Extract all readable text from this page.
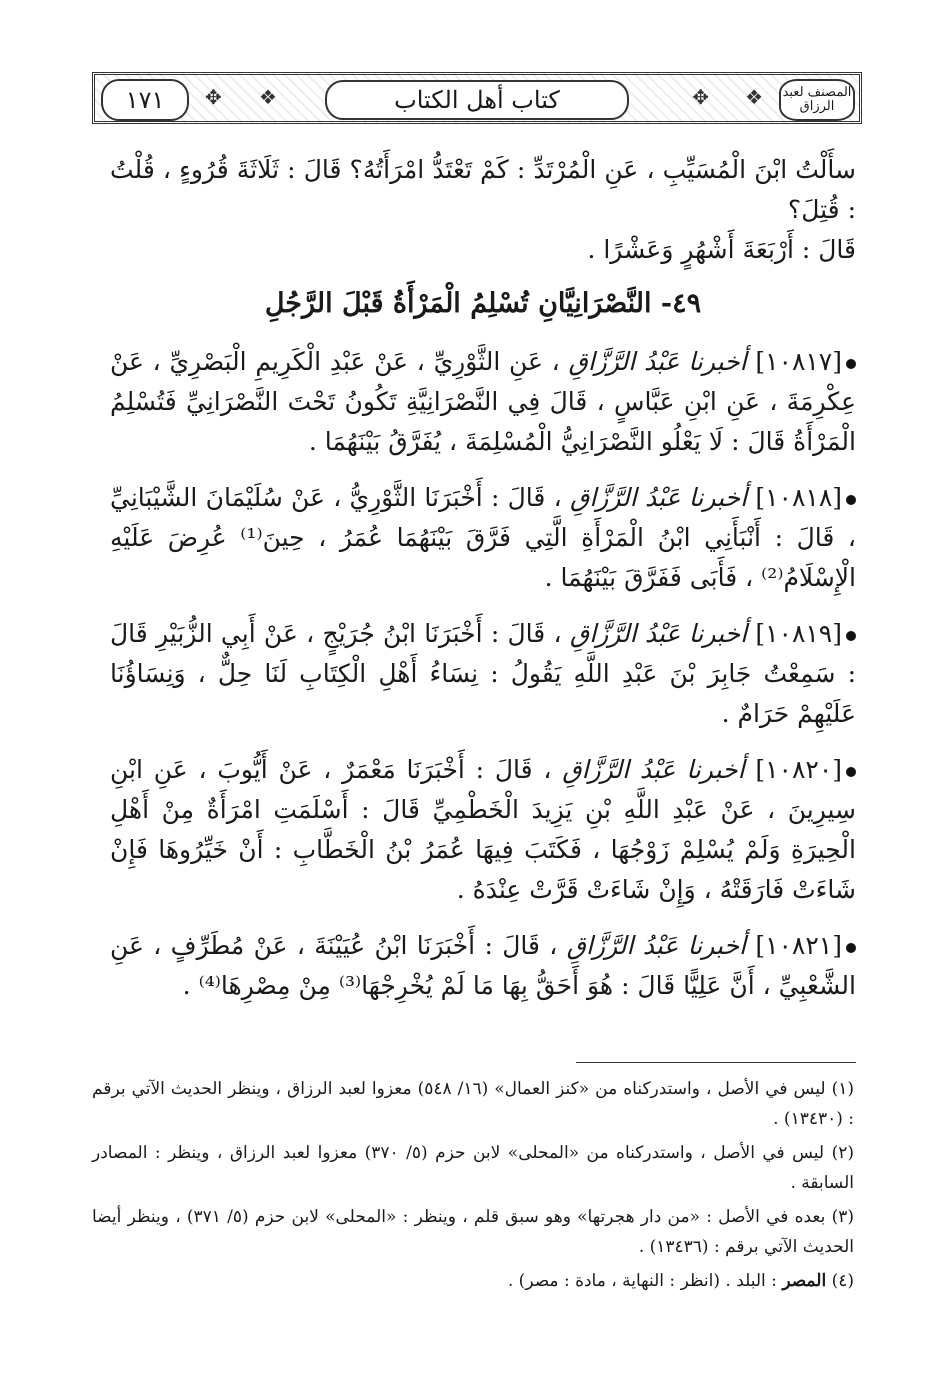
المصنف لعبد الرزاق
❖
✥
كتاب أهل الكتاب
✥ ❖
١٧١

سأَلْتُ ابْنَ الْمُسَيِّبِ ، عَنِ الْمُرْتَدِّ : كَمْ تَعْتَدُّ امْرَأَتُهُ؟ قَالَ : ثَلَاثَةَ قُرُوءٍ ، قُلْتُ : قُتِلَ؟

قَالَ : أَرْبَعَةَ أَشْهُرٍ وَعَشْرًا .

٤٩- النَّصْرَانِيَّانِ تُسْلِمُ الْمَرْأَةُ قَبْلَ الرَّجُلِ

[١٠٨١٧] أخبرنا عَبْدُ الرَّزَّاقِ ، عَنِ الثَّوْرِيِّ ، عَنْ عَبْدِ الْكَرِيمِ الْبَصْرِيِّ ، عَنْ عِكْرِمَةَ ، عَنِ ابْنِ عَبَّاسٍ ، قَالَ فِي النَّصْرَانِيَّةِ تَكُونُ تَحْتَ النَّصْرَانِيِّ فَتُسْلِمُ الْمَرْأَةُ قَالَ : لَا يَعْلُو النَّصْرَانِيُّ الْمُسْلِمَةَ ، يُفَرَّقُ بَيْنَهُمَا .

[١٠٨١٨] أخبرنا عَبْدُ الرَّزَّاقِ ، قَالَ : أَخْبَرَنَا الثَّوْرِيُّ ، عَنْ سُلَيْمَانَ الشَّيْبَانِيِّ ، قَالَ : أَنْبَأَنِي ابْنُ الْمَرْأَةِ الَّتِي فَرَّقَ بَيْنَهُمَا عُمَرُ ، حِينَ⁽¹⁾ عُرِضَ عَلَيْهِ الْإِسْلَامُ⁽²⁾ ، فَأَبَى فَفَرَّقَ بَيْنَهُمَا .

[١٠٨١٩] أخبرنا عَبْدُ الرَّزَّاقِ ، قَالَ : أَخْبَرَنَا ابْنُ جُرَيْجٍ ، عَنْ أَبِي الزُّبَيْرِ قَالَ : سَمِعْتُ جَابِرَ بْنَ عَبْدِ اللَّهِ يَقُولُ : نِسَاءُ أَهْلِ الْكِتَابِ لَنَا حِلٌّ ، وَنِسَاؤُنَا عَلَيْهِمْ حَرَامٌ .

[١٠٨٢٠] أخبرنا عَبْدُ الرَّزَّاقِ ، قَالَ : أَخْبَرَنَا مَعْمَرٌ ، عَنْ أَيُّوبَ ، عَنِ ابْنِ سِيرِينَ ، عَنْ عَبْدِ اللَّهِ بْنِ يَزِيدَ الْخَطْمِيِّ قَالَ : أَسْلَمَتِ امْرَأَةٌ مِنْ أَهْلِ الْحِيرَةِ وَلَمْ يُسْلِمْ زَوْجُهَا ، فَكَتَبَ فِيهَا عُمَرُ بْنُ الْخَطَّابِ : أَنْ خَيِّرُوهَا فَإِنْ شَاءَتْ فَارَقَتْهُ ، وَإِنْ شَاءَتْ قَرَّتْ عِنْدَهُ .

[١٠٨٢١] أخبرنا عَبْدُ الرَّزَّاقِ ، قَالَ : أَخْبَرَنَا ابْنُ عُيَيْنَةَ ، عَنْ مُطَرِّفٍ ، عَنِ الشَّعْبِيِّ ، أَنَّ عَلِيًّا قَالَ : هُوَ أَحَقُّ بِهَا مَا لَمْ يُخْرِجْهَا⁽³⁾ مِنْ مِصْرِهَا⁽⁴⁾ .

(١) ليس في الأصل ، واستدركناه من «كنز العمال» (١٦/ ٥٤٨) معزوا لعبد الرزاق ، وينظر الحديث الآتي برقم : (١٣٤٣٠) .

(٢) ليس في الأصل ، واستدركناه من «المحلى» لابن حزم (٥/ ٣٧٠) معزوا لعبد الرزاق ، وينظر : المصادر السابقة .

(٣) بعده في الأصل : «من دار هجرتها» وهو سبق قلم ، وينظر : «المحلى» لابن حزم (٥/ ٣٧١) ، وينظر أيضا الحديث الآتي برقم : (١٣٤٣٦) .

(٤) المصر : البلد . (انظر : النهاية ، مادة : مصر) .
